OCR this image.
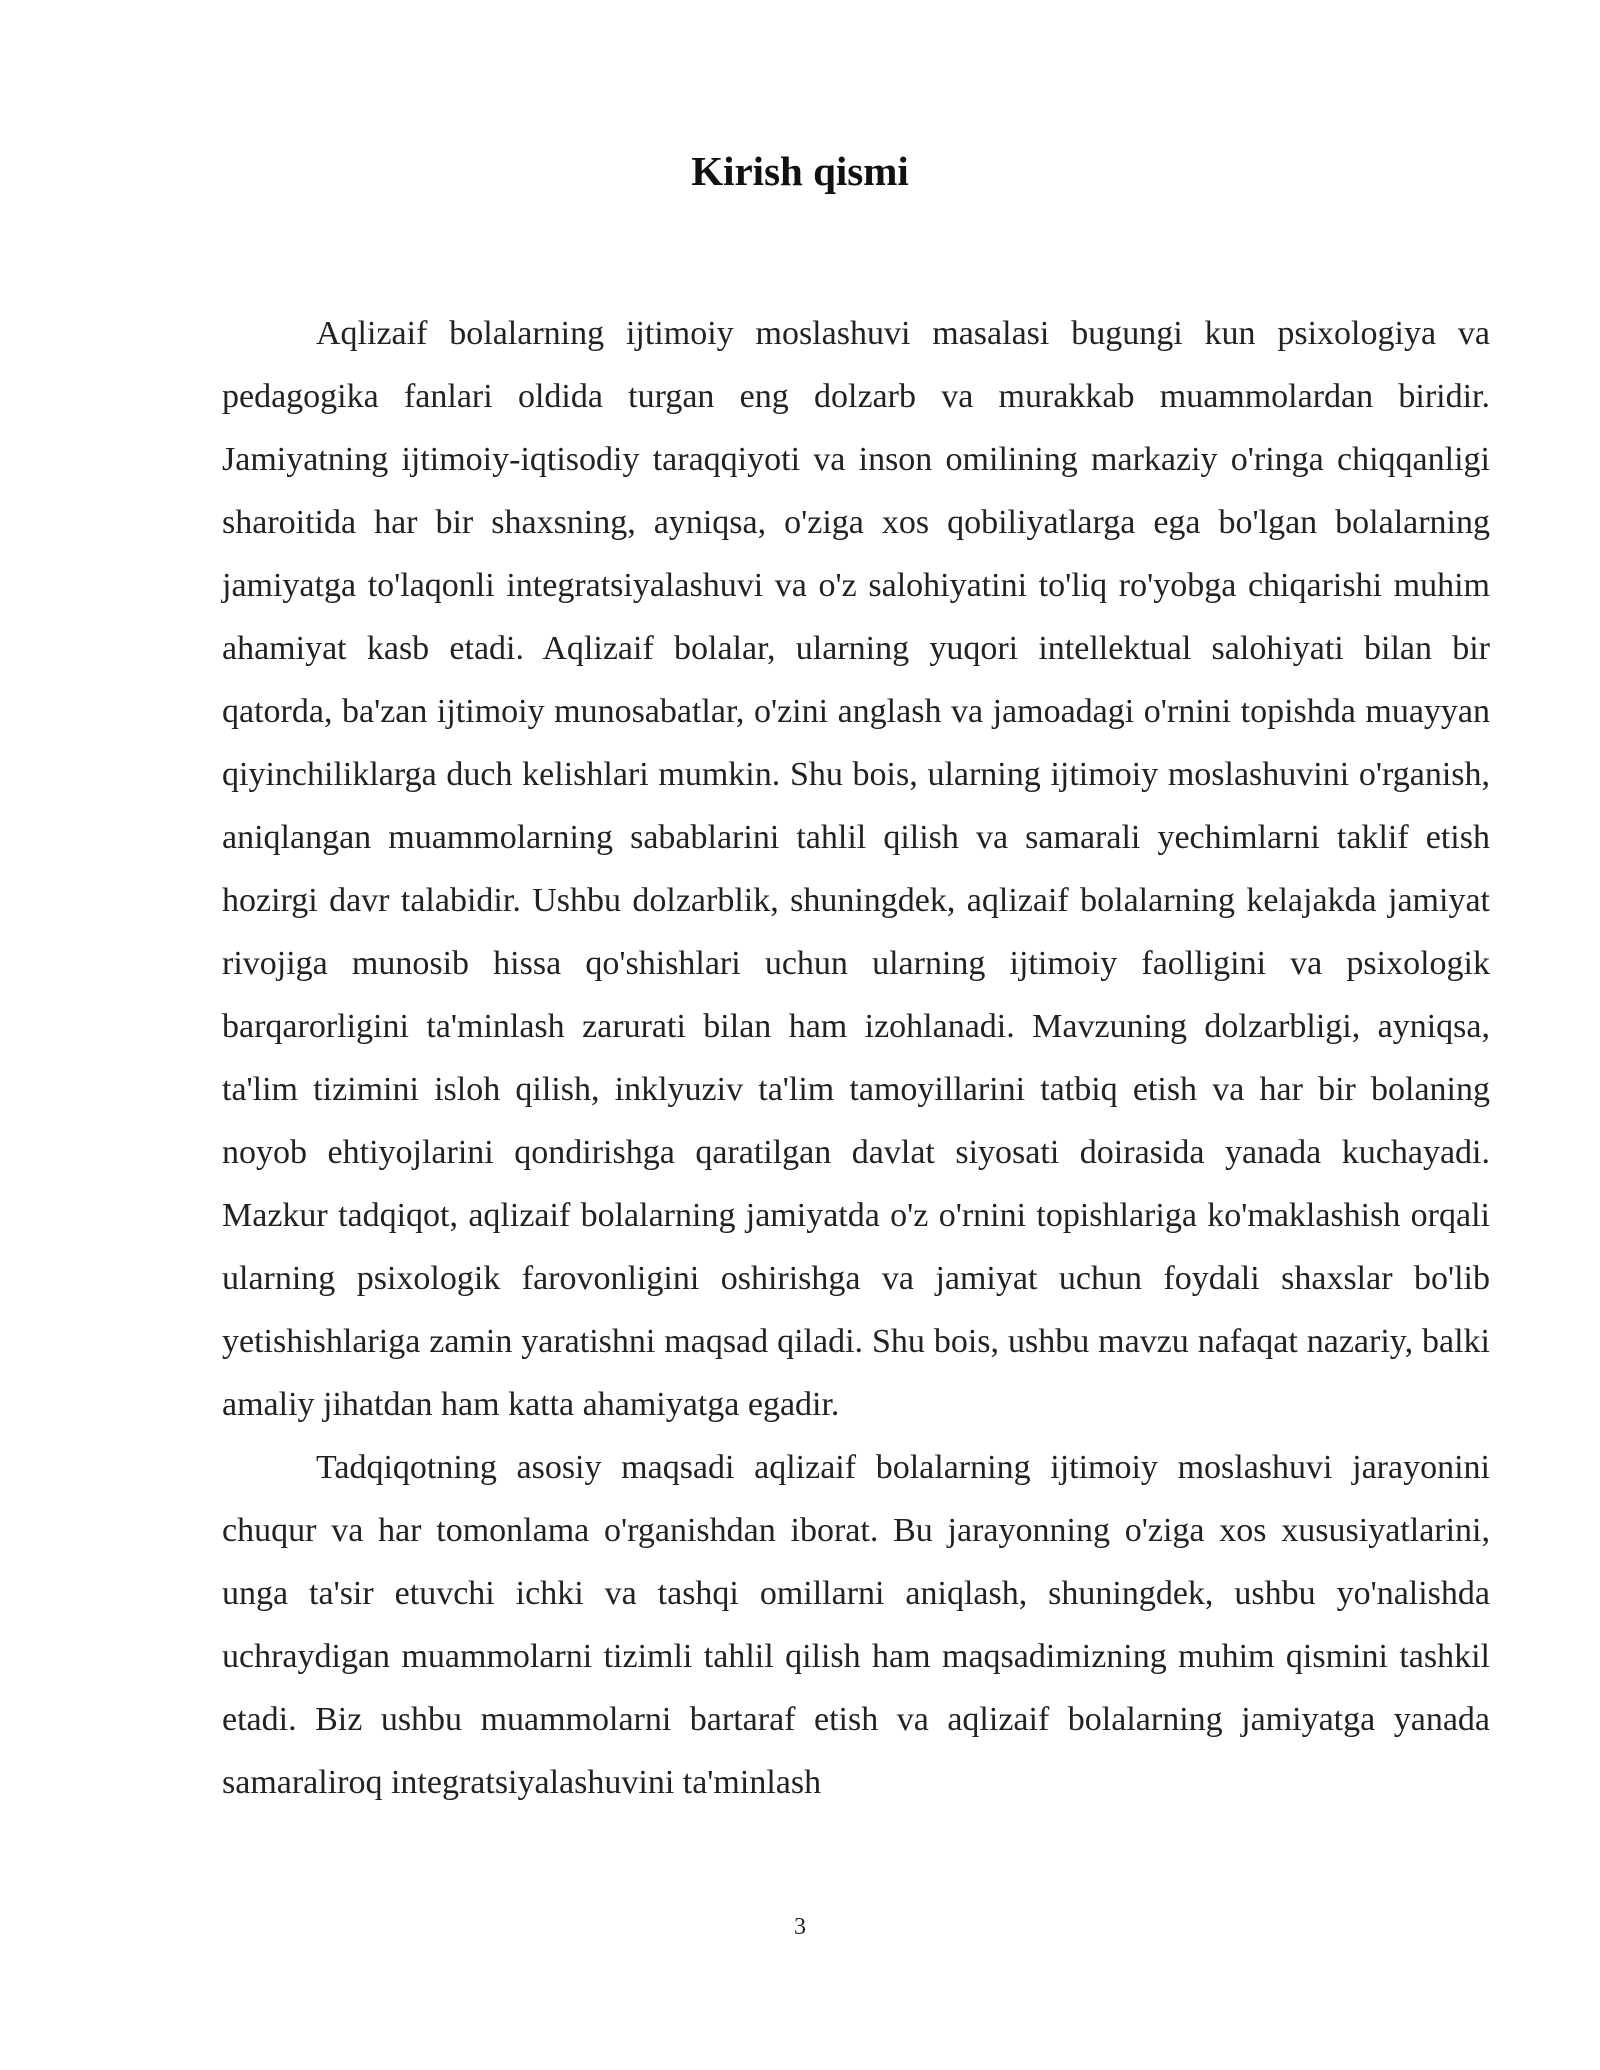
Kirish qismi

Aqlizaif bolalarning ijtimoiy moslashuvi masalasi bugungi kun psixologiya va pedagogika fanlari oldida turgan eng dolzarb va murakkab muammolardan biridir. Jamiyatning ijtimoiy-iqtisodiy taraqqiyoti va inson omilining markaziy o'ringa chiqqanligi sharoitida har bir shaxsning, ayniqsa, o'ziga xos qobiliyatlarga ega bo'lgan bolalarning jamiyatga to'laqonli integratsiyalashuvi va o'z salohiyatini to'liq ro'yobga chiqarishi muhim ahamiyat kasb etadi. Aqlizaif bolalar, ularning yuqori intellektual salohiyati bilan bir qatorda, ba'zan ijtimoiy munosabatlar, o'zini anglash va jamoadagi o'rnini topishda muayyan qiyinchiliklarga duch kelishlari mumkin. Shu bois, ularning ijtimoiy moslashuvini o'rganish, aniqlangan muammolarning sabablarini tahlil qilish va samarali yechimlarni taklif etish hozirgi davr talabidir. Ushbu dolzarblik, shuningdek, aqlizaif bolalarning kelajakda jamiyat rivojiga munosib hissa qo'shishlari uchun ularning ijtimoiy faolligini va psixologik barqarorligini ta'minlash zarurati bilan ham izohlanadi. Mavzuning dolzarbligi, ayniqsa, ta'lim tizimini isloh qilish, inklyuziv ta'lim tamoyillarini tatbiq etish va har bir bolaning noyob ehtiyojlarini qondirishga qaratilgan davlat siyosati doirasida yanada kuchayadi. Mazkur tadqiqot, aqlizaif bolalarning jamiyatda o'z o'rnini topishlariga ko'maklashish orqali ularning psixologik farovonligini oshirishga va jamiyat uchun foydali shaxslar bo'lib yetishishlariga zamin yaratishni maqsad qiladi. Shu bois, ushbu mavzu nafaqat nazariy, balki amaliy jihatdan ham katta ahamiyatga egadir.

Tadqiqotning asosiy maqsadi aqlizaif bolalarning ijtimoiy moslashuvi jarayonini chuqur va har tomonlama o'rganishdan iborat. Bu jarayonning o'ziga xos xususiyatlarini, unga ta'sir etuvchi ichki va tashqi omillarni aniqlash, shuningdek, ushbu yo'nalishda uchraydigan muammolarni tizimli tahlil qilish ham maqsadimizning muhim qismini tashkil etadi. Biz ushbu muammolarni bartaraf etish va aqlizaif bolalarning jamiyatga yanada samaraliroq integratsiyalashuvini ta'minlash

3
